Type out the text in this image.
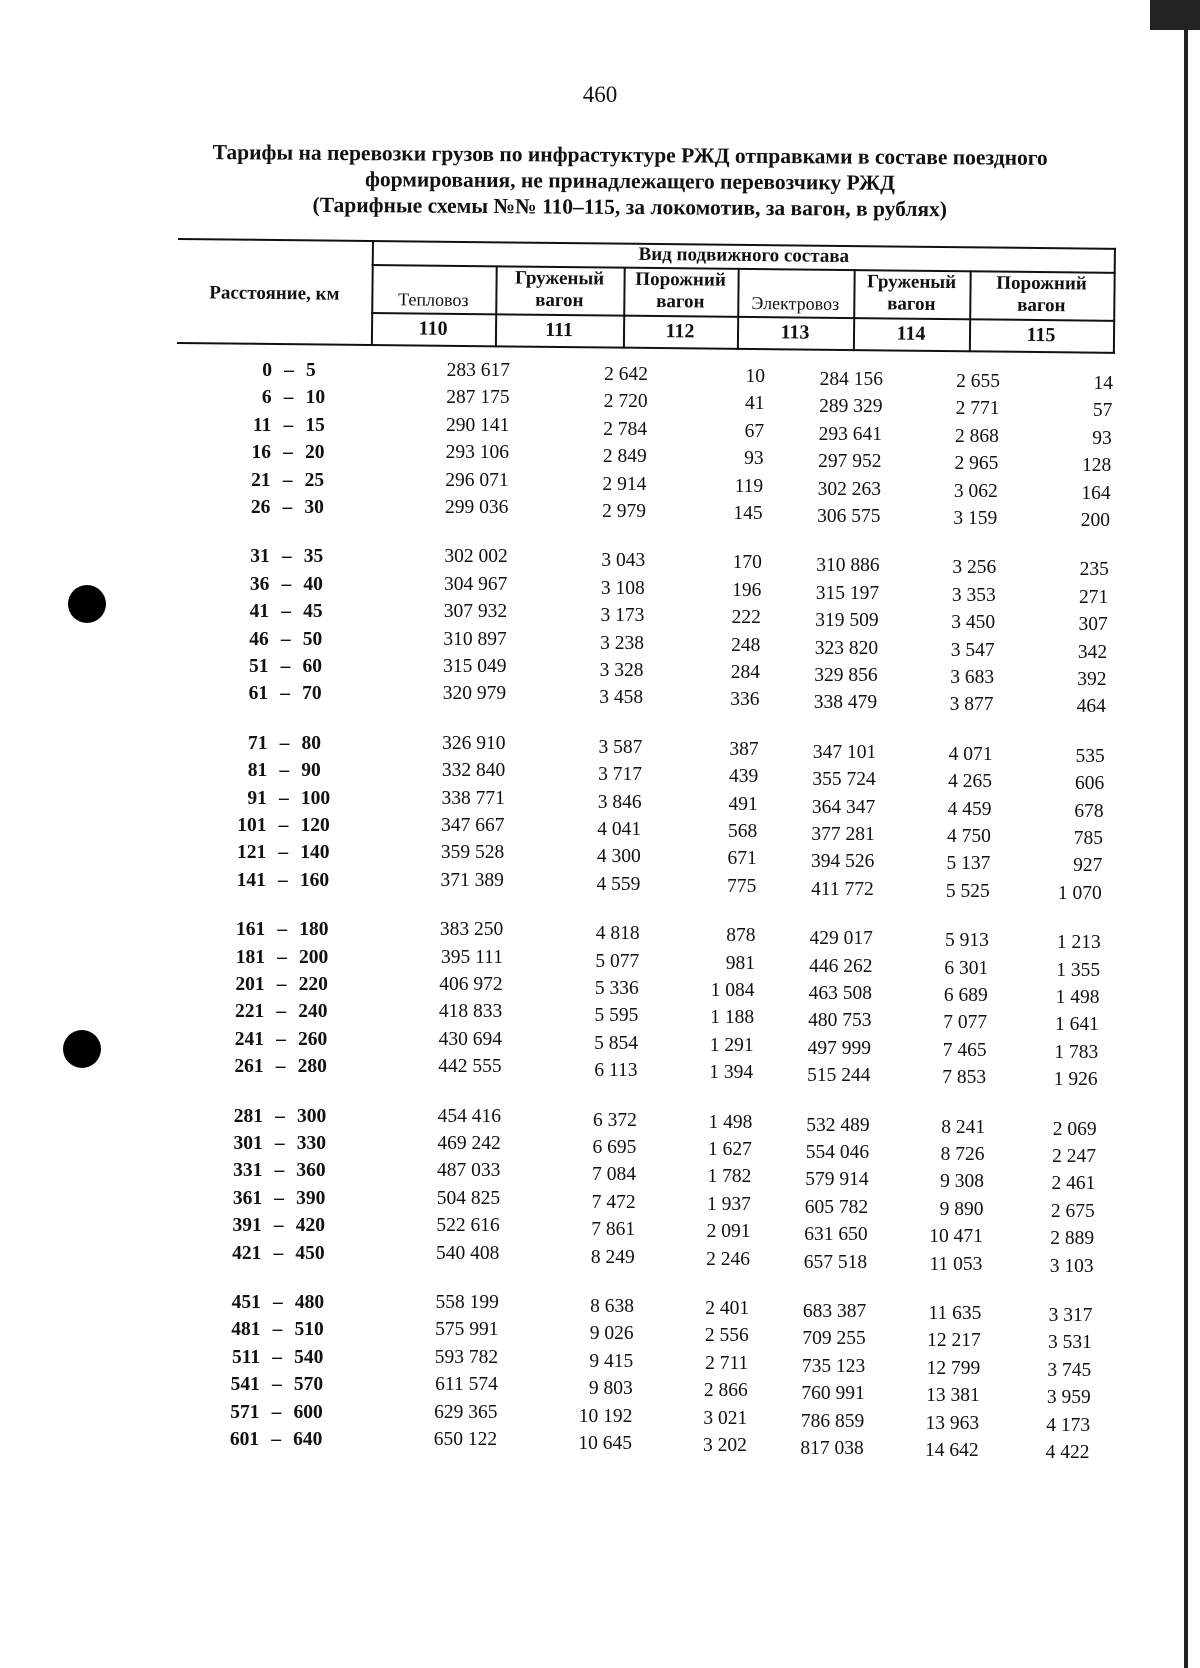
460
Тарифы на перевозки грузов по инфрастуктуре РЖД отправками в составе поездного
формирования, не принадлежащего перевозчику РЖД
(Тарифные схемы №№ 110–115, за локомотив, за вагон, в рублях)
Расстояние, км
Вид подвижного состава
Тепловоз
Груженый
вагон
Порожний
вагон	Электровоз
Груженый
вагон
Порожний
вагон
110	111	112	113	114	115
0 – 5	283 617	2 642	10	284 156	2 655	14
6 – 10	287 175	2 720	41	289 329	2 771	57
11 – 15	290 141	2 784	67	293 641	2 868	93
16 – 20	293 106	2 849	93	297 952	2 965	128
21 – 25	296 071	2 914	119	302 263	3 062	164
26 – 30	299 036	2 979	145	306 575	3 159	200
31 – 35	302 002	3 043	170	310 886	3 256	235
36 – 40	304 967	3 108	196	315 197	3 353	271
41 – 45	307 932	3 173	222	319 509	3 450	307
46 – 50	310 897	3 238	248	323 820	3 547	342
51 – 60	315 049	3 328	284	329 856	3 683	392
61 – 70	320 979	3 458	336	338 479	3 877	464
71 – 80	326 910	3 587	387	347 101	4 071	535
81 – 90	332 840	3 717	439	355 724	4 265	606
91 – 100	338 771	3 846	491	364 347	4 459	678
101 – 120	347 667	4 041	568	377 281	4 750	785
121 – 140	359 528	4 300	671	394 526	5 137	927
141 – 160	371 389	4 559	775	411 772	5 525	1 070
161 – 180	383 250	4 818	878	429 017	5 913	1 213
181 – 200	395 111	5 077	981	446 262	6 301	1 355
201 – 220	406 972	5 336	1 084	463 508	6 689	1 498
221 – 240	418 833	5 595	1 188	480 753	7 077	1 641
241 – 260	430 694	5 854	1 291	497 999	7 465	1 783
261 – 280	442 555	6 113	1 394	515 244	7 853	1 926
281 – 300	454 416	6 372	1 498	532 489	8 241	2 069
301 – 330	469 242	6 695	1 627	554 046	8 726	2 247
331 – 360	487 033	7 084	1 782	579 914	9 308	2 461
361 – 390	504 825	7 472	1 937	605 782	9 890	2 675
391 – 420	522 616	7 861	2 091	631 650	10 471	2 889
421 – 450	540 408	8 249	2 246	657 518	11 053	3 103
451 – 480	558 199	8 638	2 401	683 387	11 635	3 317
481 – 510	575 991	9 026	2 556	709 255	12 217	3 531
511 – 540	593 782	9 415	2 711	735 123	12 799	3 745
541 – 570	611 574	9 803	2 866	760 991	13 381	3 959
571 – 600	629 365	10 192	3 021	786 859	13 963	4 173
601 – 640	650 122	10 645	3 202	817 038	14 642	4 422
